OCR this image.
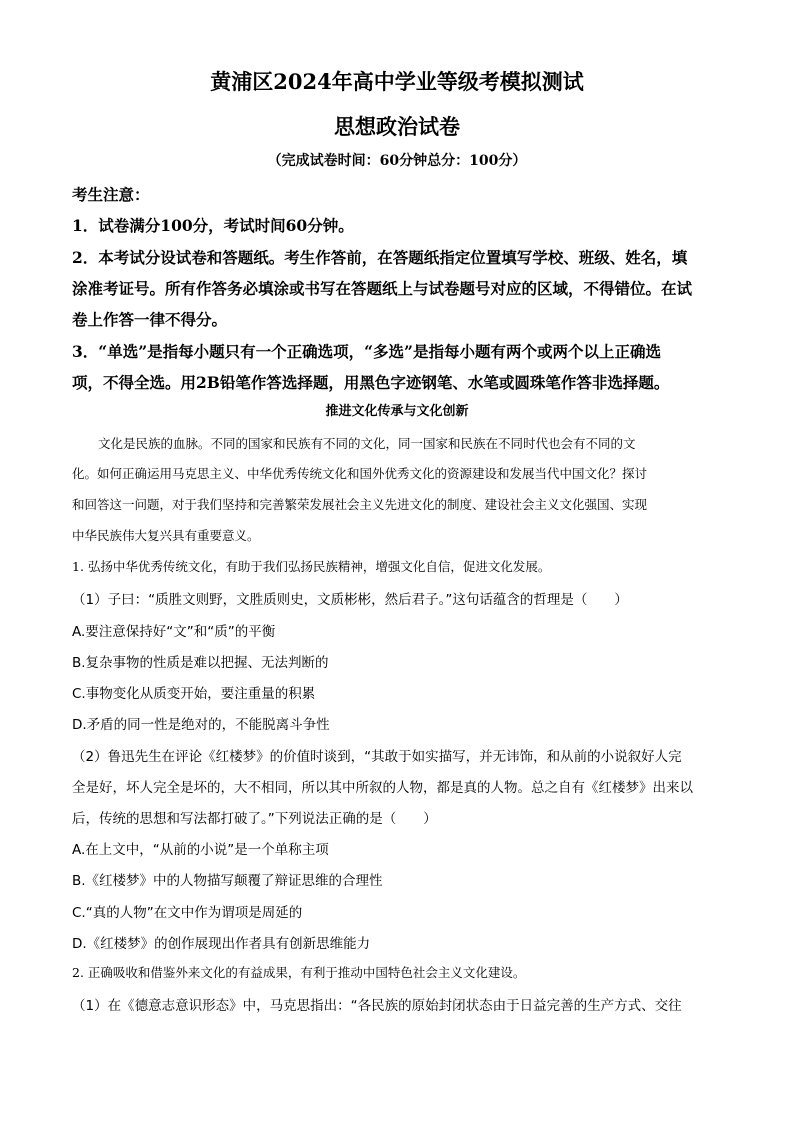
黄浦区2024年高中学业等级考模拟测试
思想政治试卷
（完成试卷时间：60分钟总分：100分）
考生注意：
1．试卷满分100分，考试时间60分钟。
2．本考试分设试卷和答题纸。考生作答前，在答题纸指定位置填写学校、班级、姓名，填
涂准考证号。所有作答务必填涂或书写在答题纸上与试卷题号对应的区域，不得错位。在试
卷上作答一律不得分。
3．“单选”是指每小题只有一个正确选项，“多选”是指每小题有两个或两个以上正确选
项，不得全选。用2B铅笔作答选择题，用黑色字迹钢笔、水笔或圆珠笔作答非选择题。
推进文化传承与文化创新
文化是民族的血脉。不同的国家和民族有不同的文化，同一国家和民族在不同时代也会有不同的文
化。如何正确运用马克思主义、中华优秀传统文化和国外优秀文化的资源建设和发展当代中国文化？探讨
和回答这一问题，对于我们坚持和完善繁荣发展社会主义先进文化的制度、建设社会主义文化强国、实现
中华民族伟大复兴具有重要意义。
1. 弘扬中华优秀传统文化，有助于我们弘扬民族精神，增强文化自信，促进文化发展。
（1）子曰：“质胜文则野，文胜质则史，文质彬彬，然后君子。”这句话蕴含的哲理是（　　）
A.要注意保持好“文”和“质”的平衡
B.复杂事物的性质是难以把握、无法判断的
C.事物变化从质变开始，要注重量的积累
D.矛盾的同一性是绝对的，不能脱离斗争性
（2）鲁迅先生在评论《红楼梦》的价值时谈到，“其敢于如实描写，并无讳饰，和从前的小说叙好人完
全是好，坏人完全是坏的，大不相同，所以其中所叙的人物，都是真的人物。总之自有《红楼梦》出来以
后，传统的思想和写法都打破了。”下列说法正确的是（　　）
A.在上文中，“从前的小说”是一个单称主项
B.《红楼梦》中的人物描写颠覆了辩证思维的合理性
C.“真的人物”在文中作为谓项是周延的
D.《红楼梦》的创作展现出作者具有创新思维能力
2. 正确吸收和借鉴外来文化的有益成果，有利于推动中国特色社会主义文化建设。
（1）在《德意志意识形态》中，马克思指出：“各民族的原始封闭状态由于日益完善的生产方式、交往
